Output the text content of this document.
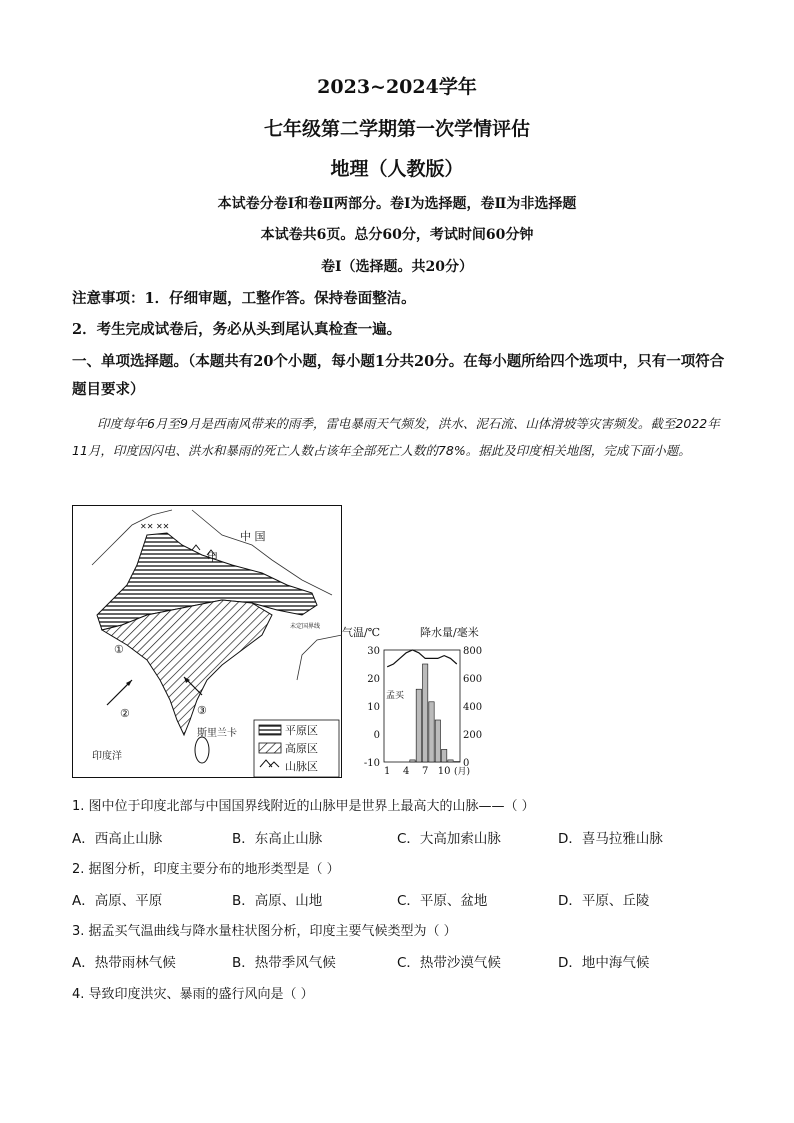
2023~2024学年
七年级第二学期第一次学情评估
地理（人教版）
本试卷分卷Ⅰ和卷Ⅱ两部分。卷Ⅰ为选择题，卷Ⅱ为非选择题
本试卷共6页。总分60分，考试时间60分钟
卷Ⅰ（选择题。共20分）
注意事项：1．仔细审题，工整作答。保持卷面整洁。
2．考生完成试卷后，务必从头到尾认真检查一遍。
一、单项选择题。（本题共有20个小题，每小题1分共20分。在每小题所给四个选项中，只有一项符合题目要求）
印度每年6月至9月是西南风带来的雨季，雷电暴雨天气频发，洪水、泥石流、山体滑坡等灾害频发。截至2022年11月，印度因闪电、洪水和暴雨的死亡人数占该年全部死亡人数的78%。据此及印度相关地图，完成下面小题。
✕✕ ✕✕
中 国
甲
未定国界线
①
②	③
斯里兰卡
印度洋
平原区
高原区
山脉区
气温/℃	降水量/毫米
30
20
10
0
-10
800
600
400
200
0
1 4 7 10 (月)
孟买
1. 图中位于印度北部与中国国界线附近的山脉甲是世界上最高大的山脉——（ ）
A．西高止山脉	B．东高止山脉	C．大高加索山脉	D．喜马拉雅山脉
2. 据图分析，印度主要分布的地形类型是（ ）
A．高原、平原	B．高原、山地	C．平原、盆地	D．平原、丘陵
3. 据孟买气温曲线与降水量柱状图分析，印度主要气候类型为（ ）
A．热带雨林气候	B．热带季风气候	C．热带沙漠气候	D．地中海气候
4. 导致印度洪灾、暴雨的盛行风向是（ ）
